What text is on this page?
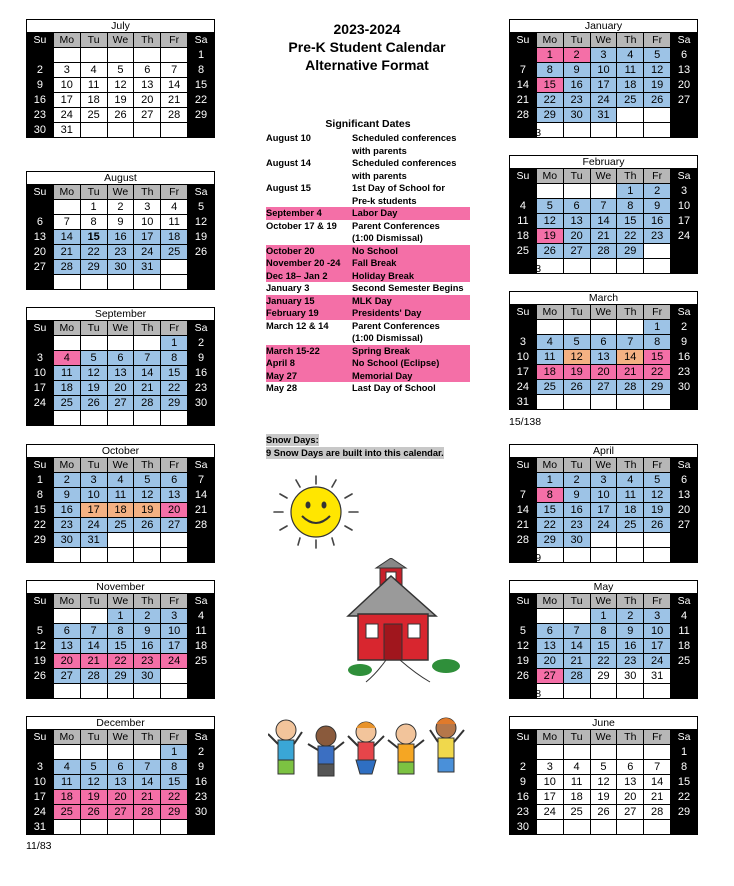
2023-2024
Pre-K Student Calendar
Alternative Format
July
Su	Mo	Tu	We	Th	Fr	Sa
						1
2	3	4	5	6	7	8
9	10	11	12	13	14	15
16	17	18	19	20	21	22
23	24	25	26	27	28	29
30	31					
August
Su	Mo	Tu	We	Th	Fr	Sa
		1	2	3	4	5
6	7	8	9	10	11	12
13	14	15	16	17	18	19
20	21	22	23	24	25	26
27	28	29	30	31		

September
Su	Mo	Tu	We	Th	Fr	Sa
					1	2
3	4	5	6	7	8	9
10	11	12	13	14	15	16
17	18	19	20	21	22	23
24	25	26	27	28	29	30

October
Su	Mo	Tu	We	Th	Fr	Sa
1	2	3	4	5	6	7
8	9	10	11	12	13	14
15	16	17	18	19	20	21
22	23	24	25	26	27	28
29	30	31				

November
Su	Mo	Tu	We	Th	Fr	Sa
			1	2	3	4
5	6	7	8	9	10	11
12	13	14	15	16	17	18
19	20	21	22	23	24	25
26	27	28	29	30		

December
Su	Mo	Tu	We	Th	Fr	Sa
					1	2
3	4	5	6	7	8	9
10	11	12	13	14	15	16
17	18	19	20	21	22	23
24	25	26	27	28	29	30
31						
January
Su	Mo	Tu	We	Th	Fr	Sa
	1	2	3	4	5	6
7	8	9	10	11	12	13
14	15	16	17	18	19	20
21	22	23	24	25	26	27
28	29	30	31			

February
Su	Mo	Tu	We	Th	Fr	Sa
				1	2	3
4	5	6	7	8	9	10
11	12	13	14	15	16	17
18	19	20	21	22	23	24
25	26	27	28	29		

March
Su	Mo	Tu	We	Th	Fr	Sa
					1	2
3	4	5	6	7	8	9
10	11	12	13	14	15	16
17	18	19	20	21	22	23
24	25	26	27	28	29	30
31						
April
Su	Mo	Tu	We	Th	Fr	Sa
	1	2	3	4	5	6
7	8	9	10	11	12	13
14	15	16	17	18	19	20
21	22	23	24	25	26	27
28	29	30				

May
Su	Mo	Tu	We	Th	Fr	Sa
			1	2	3	4
5	6	7	8	9	10	11
12	13	14	15	16	17	18
19	20	21	22	23	24	25
26	27	28	29	30	31	

June
Su	Mo	Tu	We	Th	Fr	Sa
						1
2	3	4	5	6	7	8
9	10	11	12	13	14	15
16	17	18	19	20	21	22
23	24	25	26	27	28	29
30						
14
20/34
21/55
17/72
11/83
20/103
20/123
15/138
21/159
19/178
Significant Dates
August 10	Scheduled conferences
with parents
August 14	Scheduled conferences
with parents
August 15	1st Day of School for
Pre-k students
September 4	Labor Day
October 17 & 19	Parent Conferences
(1:00 Dismissal)
October 20	No School
November 20 -24	Fall Break
Dec 18– Jan 2	Holiday Break
January 3	Second Semester Begins
January 15	MLK Day
February 19	Presidents' Day
March 12 & 14	Parent Conferences
(1:00 Dismissal)
March 15-22	Spring Break
April 8	No School (Eclipse)
May 27	Memorial Day
May 28	Last Day of School
Snow Days:
9 Snow Days are built into this calendar.
